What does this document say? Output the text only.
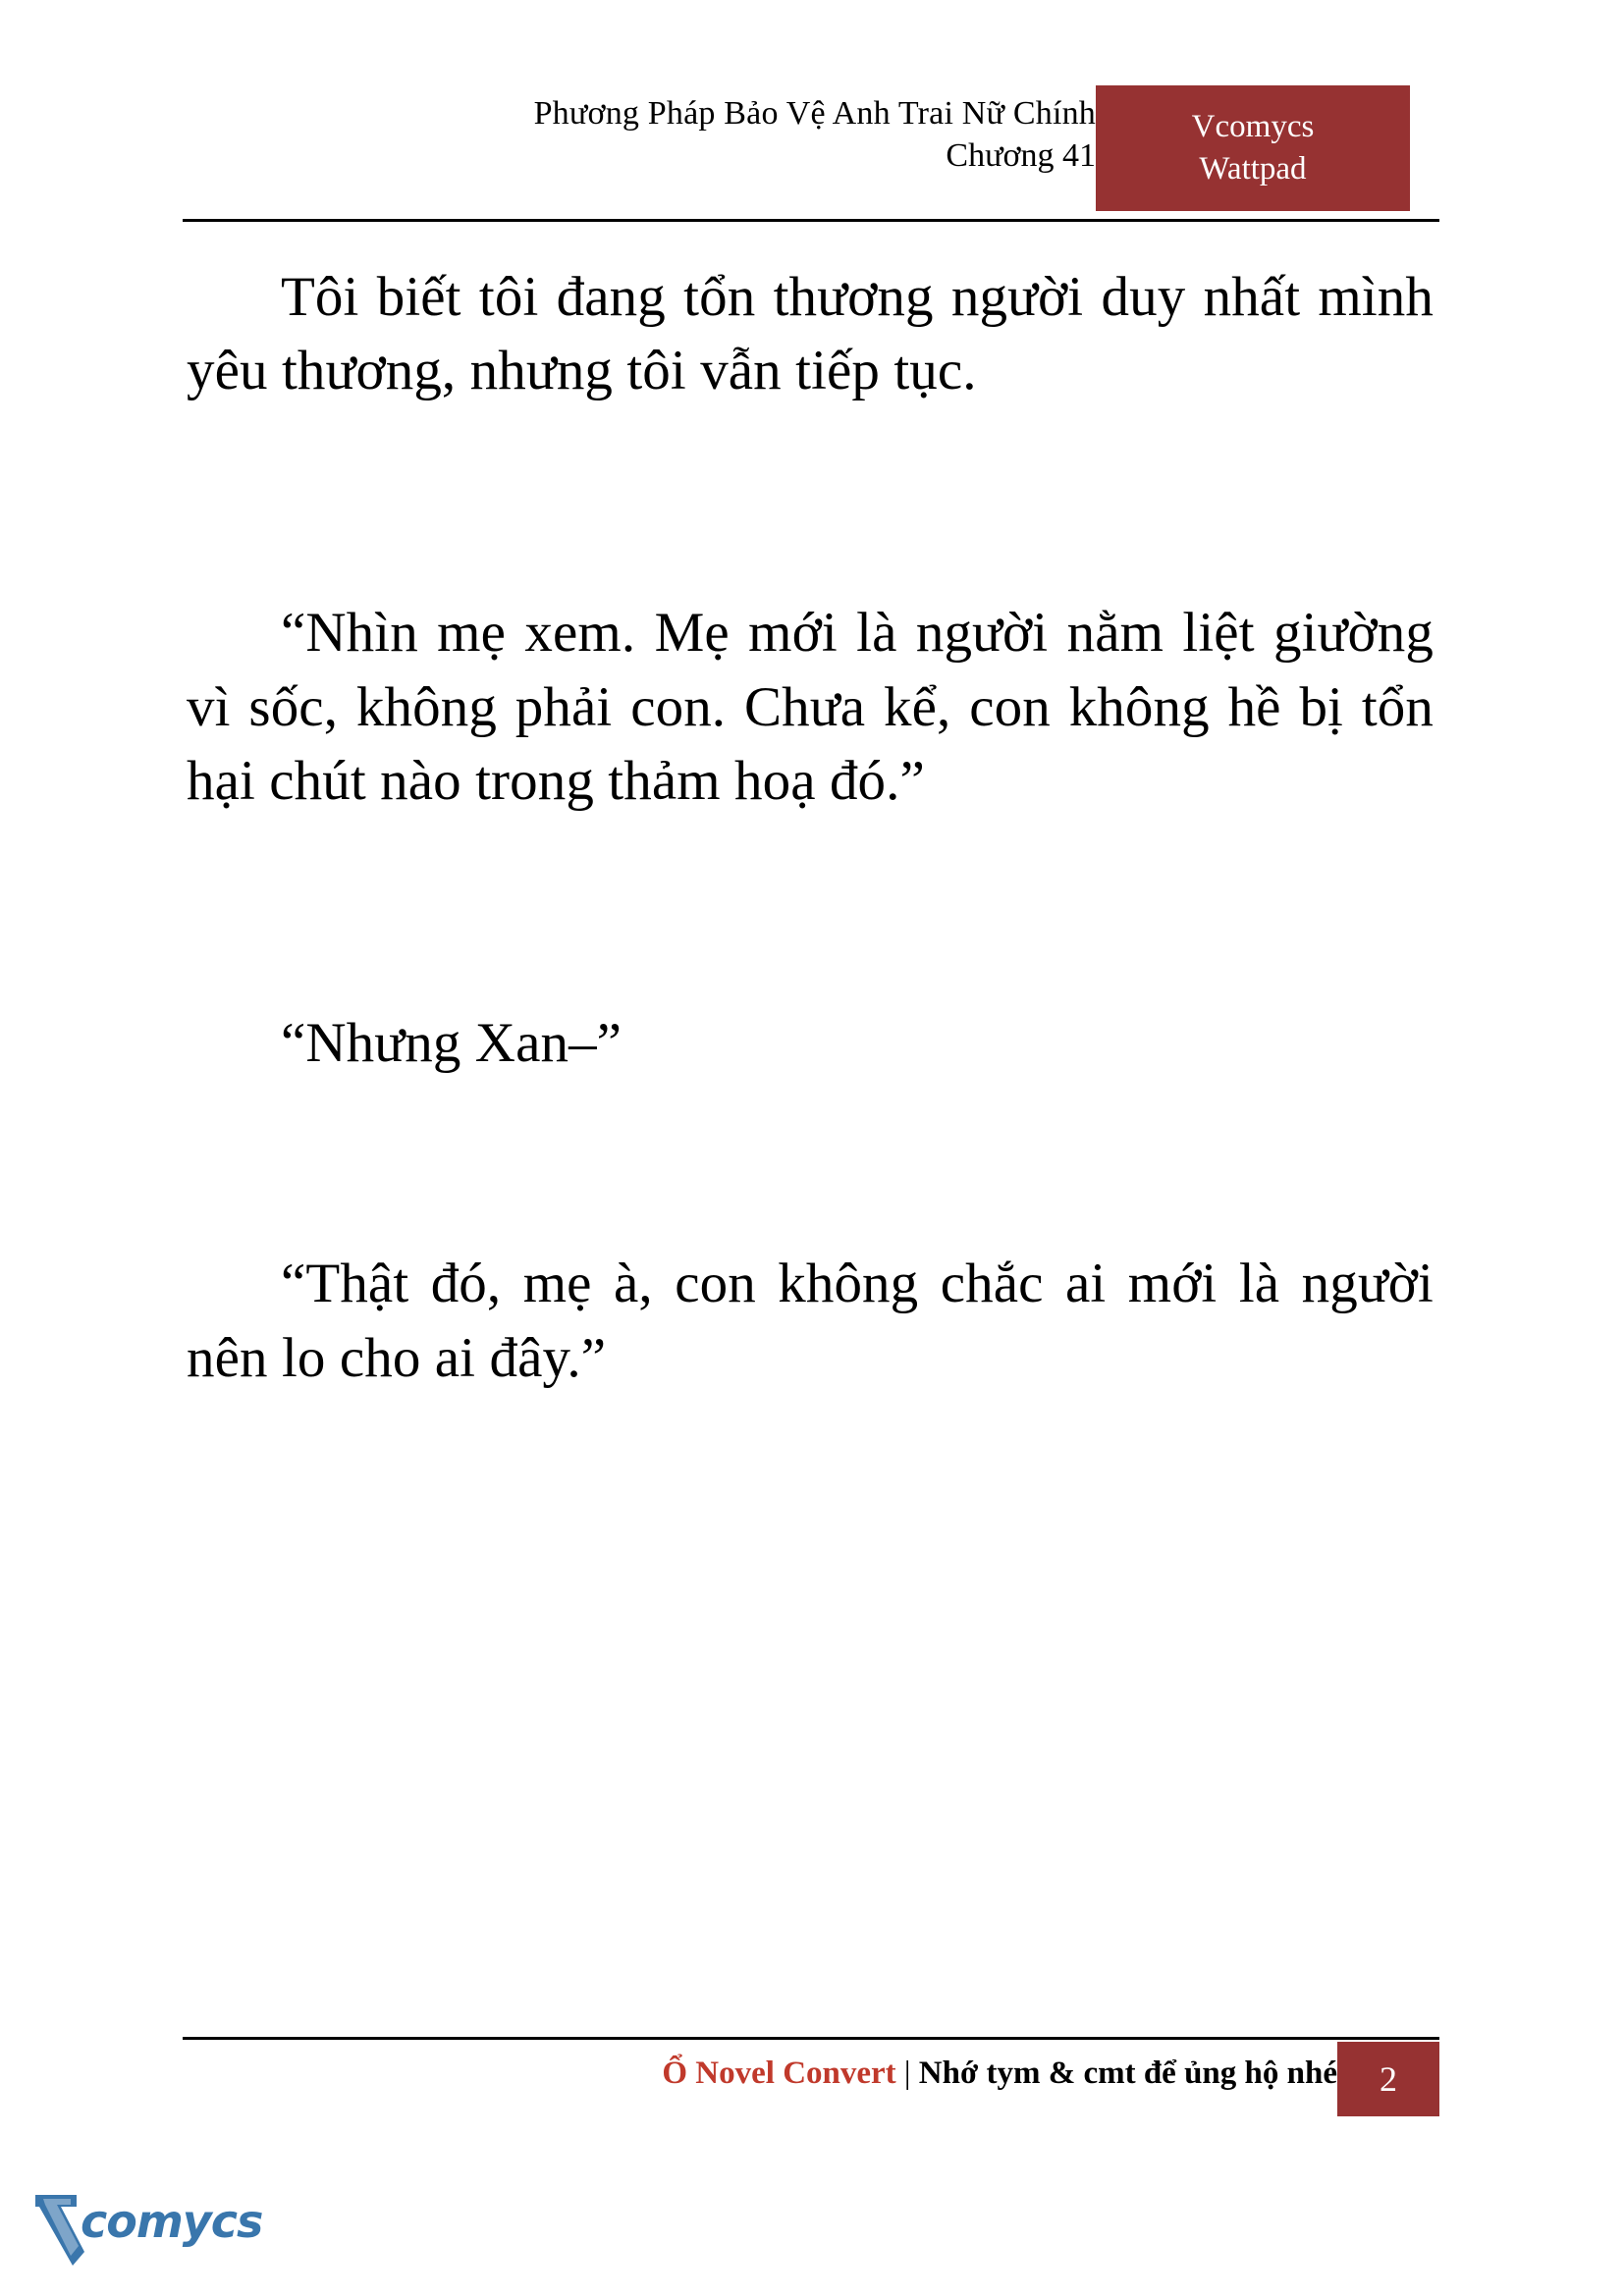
Phương Pháp Bảo Vệ Anh Trai Nữ Chính
Chương 41
Vcomycs
Wattpad

Tôi biết tôi đang tổn thương người duy nhất mình yêu thương, nhưng tôi vẫn tiếp tục.

“Nhìn mẹ xem. Mẹ mới là người nằm liệt giường vì sốc, không phải con. Chưa kể, con không hề bị tổn hại chút nào trong thảm hoạ đó.”

“Nhưng Xan–”

“Thật đó, mẹ à, con không chắc ai mới là người nên lo cho ai đây.”

Ổ Novel Convert | Nhớ tym & cmt để ủng hộ nhé	2
comycs
